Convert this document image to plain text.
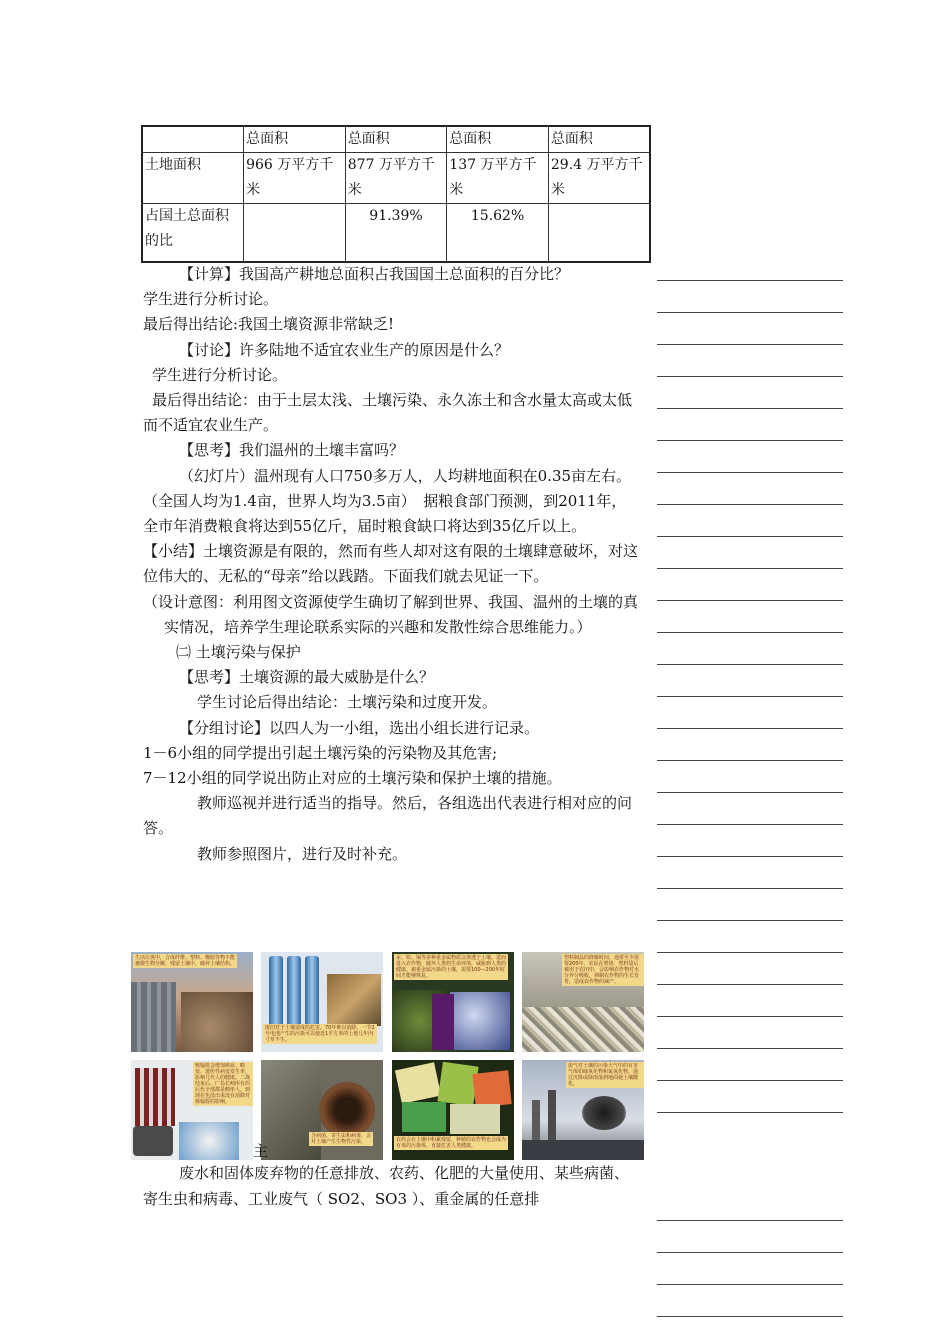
	总面积	总面积	总面积	总面积
土地面积	966 万平方千米	877 万平方千米	137 万平方千米	29.4 万平方千米
占国土总面积的比		91.39%	15.62%	

【计算】我国高产耕地总面积占我国国土总面积的百分比？

学生进行分析讨论。

最后得出结论:我国土壤资源非常缺乏!

【讨论】许多陆地不适宜农业生产的原因是什么？

学生进行分析讨论。

最后得出结论：由于土层太浅、土壤污染、永久冻土和含水量太高或太低而不适宜农业生产。

【思考】我们温州的土壤丰富吗？

（幻灯片）温州现有人口750多万人，人均耕地面积在0.35亩左右。（全国人均为1.4亩，世界人均为3.5亩）　据粮食部门预测，到2011年，全市年消费粮食将达到55亿斤，届时粮食缺口将达到35亿斤以上。

【小结】土壤资源是有限的，然而有些人却对这有限的土壤肆意破坏，对这位伟大的、无私的“母亲”给以践踏。下面我们就去见证一下。

（设计意图：利用图文资源使学生确切了解到世界、我国、温州的土壤的真实情况，培养学生理论联系实际的兴趣和发散性综合思维能力。）

㈡ 土壤污染与保护

【思考】土壤资源的最大威胁是什么？

学生讨论后得出结论：土壤污染和过度开发。

【分组讨论】以四人为一小组，选出小组长进行记录。

1－6小组的同学提出引起土壤污染的污染物及其危害;

7－12小组的同学说出防止对应的土壤污染和保护土壤的措施。

教师巡视并进行适当的指导。然后，各组选出代表进行相对应的问答。

教师参照图片，进行及时补充。

生活垃圾中，合成纤维、塑料、橡胶等物不能被微生物分解，残留土壤中，破坏土壤结构。
废旧对于土壤造成的危害。70年难以消除。一节2号电池产生的污染可以使近1平方米的土地几年内寸草不生。
汞、铅、镉等多种重金属物质会渗透于土壤，进而进入农作物，破坏人类的生命环境，威胁到人类的健康。被重金属污染的土壤，需要100—200年时间才能够恢复。
塑料制品的降解时间，通常至少需要200年。农民在焚烧、塑料袋后被用于农田中，会影响农作物对水分养分吸收，抑制农作物的生长发育，造成农作物的减产。
核辐射会增加癌症、畸变、遗传性病变发生率，影响几代人的健康。二战结束后，广岛长崎所有的后代全部都是畸形人，到现在也没出来没有消除对核辐射的影响。
含病菌、寄生虫和病毒，会对土壤产生生物性污染。	农药会在土壤中积累残留，种植的农作物也会成为有毒的污染体，直接危害人类健康。
废气对土壤的污染大气中的有害气体如硫氧化物和氮氧化物，通过沉降或降雨落到地面使土壤酸化。
主

废水和固体废弃物的任意排放、农药、化肥的大量使用、某些病菌、寄生虫和病毒、工业废气（ SO2、SO3 ）、重金属的任意排
